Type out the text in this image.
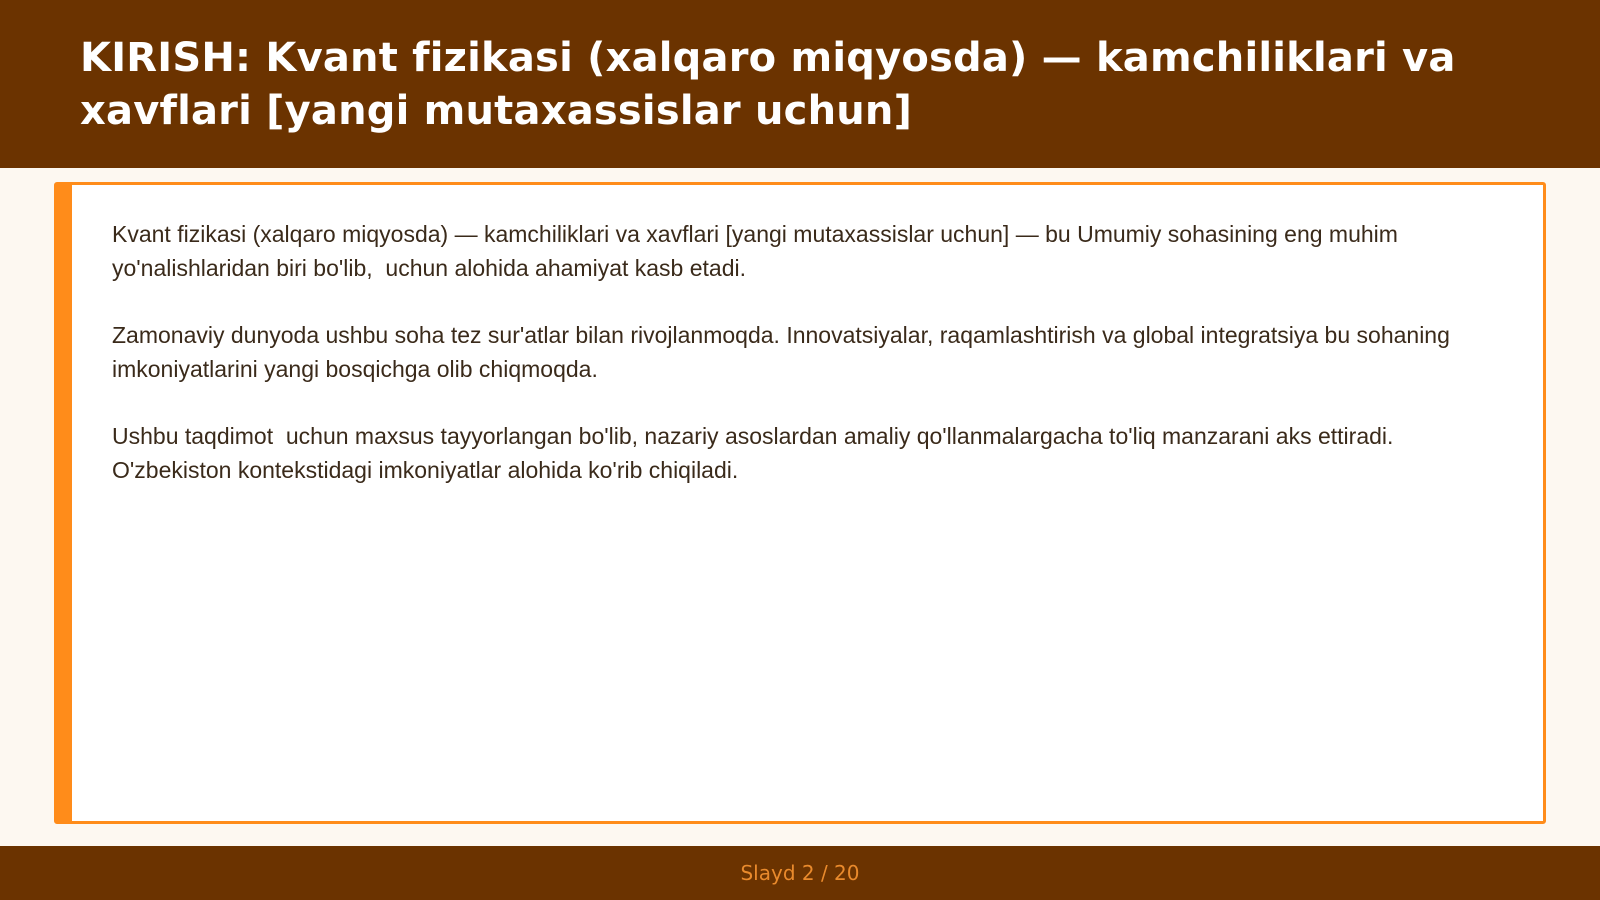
KIRISH: Kvant fizikasi (xalqaro miqyosda) — kamchiliklari va xavflari [yangi mutaxassislar uchun]

Kvant fizikasi (xalqaro miqyosda) — kamchiliklari va xavflari [yangi mutaxassislar uchun] — bu Umumiy sohasining eng muhim yo'nalishlaridan biri bo'lib,  uchun alohida ahamiyat kasb etadi.

Zamonaviy dunyoda ushbu soha tez sur'atlar bilan rivojlanmoqda. Innovatsiyalar, raqamlashtirish va global integratsiya bu sohaning imkoniyatlarini yangi bosqichga olib chiqmoqda.

Ushbu taqdimot  uchun maxsus tayyorlangan bo'lib, nazariy asoslardan amaliy qo'llanmalargacha to'liq manzarani aks ettiradi. O'zbekiston kontekstidagi imkoniyatlar alohida ko'rib chiqiladi.

Slayd 2 / 20
